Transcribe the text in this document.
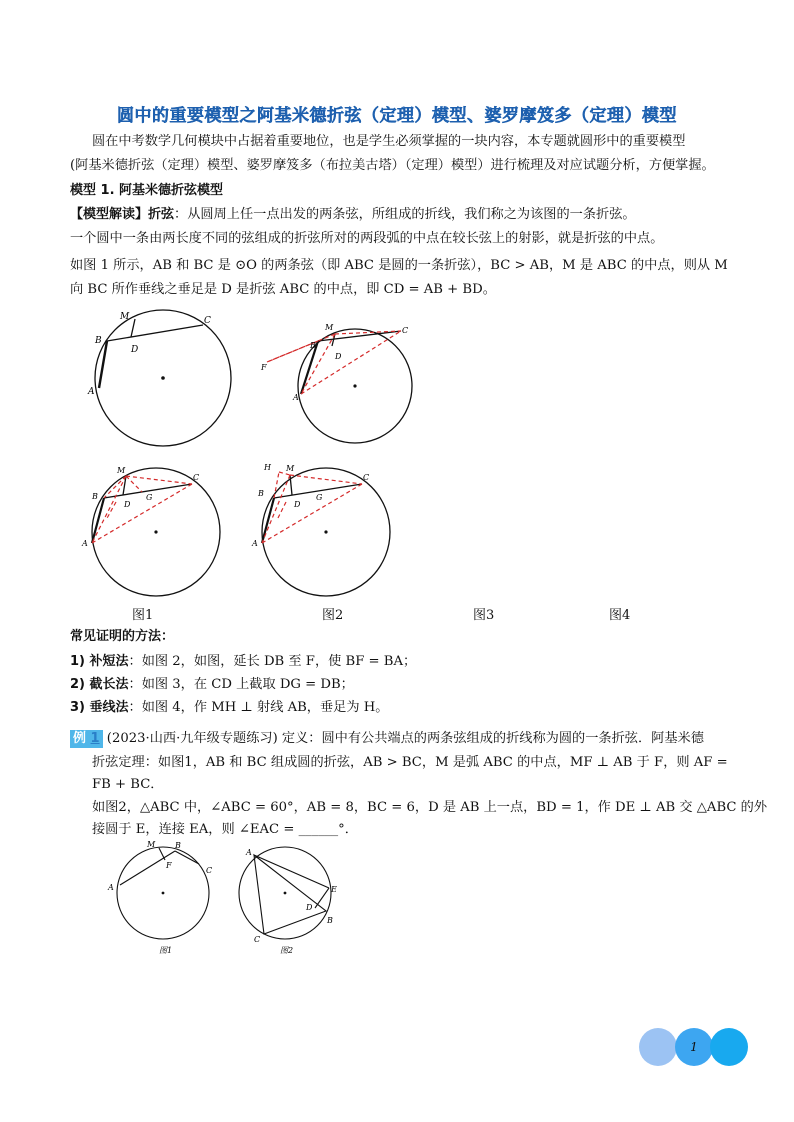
圆中的重要模型之阿基米德折弦（定理）模型、婆罗摩笈多（定理）模型
圆在中考数学几何模块中占据着重要地位，也是学生必须掌握的一块内容，本专题就圆形中的重要模型
(阿基米德折弦（定理）模型、婆罗摩笈多（布拉美古塔）（定理）模型）进行梳理及对应试题分析，方便掌握。
模型 1. 阿基米德折弦模型
【模型解读】折弦：从圆周上任一点出发的两条弦，所组成的折线，我们称之为该图的一条折弦。
一个圆中一条由两长度不同的弦组成的折弦所对的两段弧的中点在较长弦上的射影，就是折弦的中点。
如图 1 所示，AB 和 BC 是 ⊙O 的两条弦（即 ABC 是圆的一条折弦），BC > AB，M 是 ABC 的中点，则从 M
向 BC 所作垂线之垂足是 D 是折弦 ABC 的中点，即 CD = AB + BD。
M	C
B
D
A
M	C
B
D
F
A
M
C
B
D
G
A
H M
C
B
D
G
A
图1	图2	图3	图4
常见证明的方法：
1) 补短法：如图 2，如图，延长 DB 至 F，使 BF = BA；
2) 截长法：如图 3，在 CD 上截取 DG = DB；
3) 垂线法：如图 4，作 MH ⊥ 射线 AB，垂足为 H。
例 1 (2023·山西·九年级专题练习) 定义：圆中有公共端点的两条弦组成的折线称为圆的一条折弦．阿基米德
折弦定理：如图1，AB 和 BC 组成圆的折弦，AB > BC，M 是弧 ABC 的中点，MF ⊥ AB 于 F，则 AF =
FB + BC．
如图2，△ABC 中，∠ABC = 60°，AB = 8，BC = 6，D 是 AB 上一点，BD = 1，作 DE ⊥ AB 交 △ABC 的外
接圆于 E，连接 EA，则 ∠EAC = ______°．
M B
F
C
A
图1
A
E
D
B
C
图2
1
